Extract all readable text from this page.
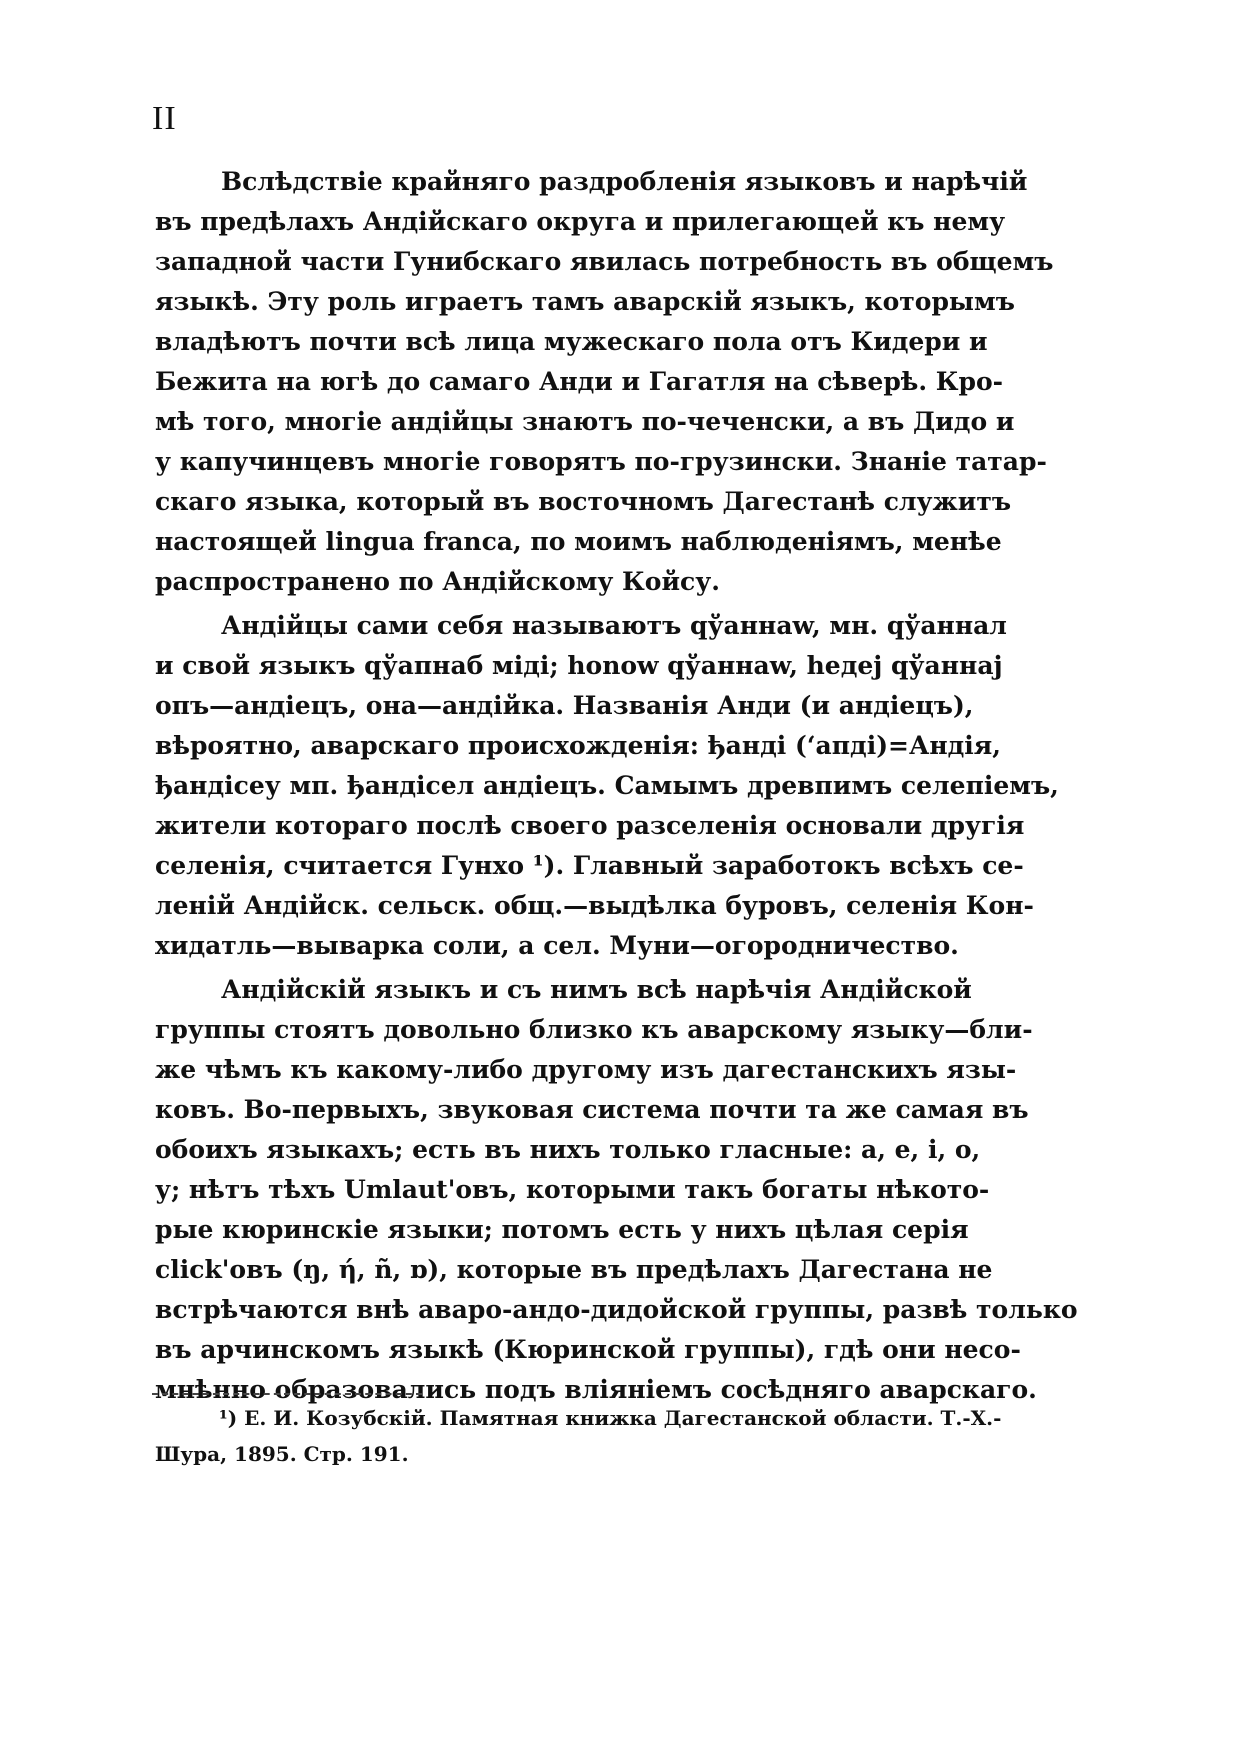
II
Вслѣдствіе крайняго раздробленія языковъ и нарѣчій
въ предѣлахъ Андійскаго округа и прилегающей къ нему
западной части Гунибскаго явилась потребность въ общемъ
языкѣ. Эту роль играетъ тамъ аварскій языкъ, которымъ
владѣютъ почти всѣ лица мужескаго пола отъ Кидери и
Бежита на югѣ до самаго Анди и Гагатля на сѣверѣ. Кро-
мѣ того, многіе андійцы знаютъ по-чеченски, а въ Дидо и
у капучинцевъ многіе говорятъ по-грузински. Знаніе татар-
скаго языка, который въ восточномъ Дагестанѣ служитъ
настоящей lingua franca, по моимъ наблюденіямъ, менѣе
распространено по Андійскому Койсу.
Андійцы сами себя называютъ qўаннаw, мн. qўаннал
и свой языкъ qўапнаб міді; hоnоw qўаннаw, hедеј qўаннај
опъ—андіецъ, она—андійка. Названія Анди (и андіецъ),
вѣроятно, аварскаго происхожденія: ђанді (ʻапді)=Андія,
ђандісеу мп. ђандісел андіецъ. Самымъ древпимъ селепіемъ,
жители котораго послѣ своего разселенія основали другія
селенія, считается Гунхо ¹). Главный заработокъ всѣхъ се-
леній Андійск. сельск. общ.—выдѣлка буровъ, селенія Кон-
хидатль—выварка соли, а сел. Муни—огородничество.
Андійскій языкъ и съ нимъ всѣ нарѣчія Андійской
группы стоятъ довольно близко къ аварскому языку—бли-
же чѣмъ къ какому-либо другому изъ дагестанскихъ язы-
ковъ. Во-первыхъ, звуковая система почти та же самая въ
обоихъ языкахъ; есть въ нихъ только гласные: а, е, і, о,
у; нѣтъ тѣхъ Umlaut'овъ, которыми такъ богаты нѣкото-
рые кюринскіе языки; потомъ есть у нихъ цѣлая серія
click'овъ (ŋ, ή, ñ, ɒ), которые въ предѣлахъ Дагестана не
встрѣчаются внѣ аваро-андо-дидойской группы, развѣ только
въ арчинскомъ языкѣ (Кюринской группы), гдѣ они несо-
мнѣнно образовались подъ вліяніемъ сосѣдняго аварскаго.
¹) Е. И. Козубскій. Памятная книжка Дагестанской области. Т.-Х.-
Шура, 1895. Стр. 191.
